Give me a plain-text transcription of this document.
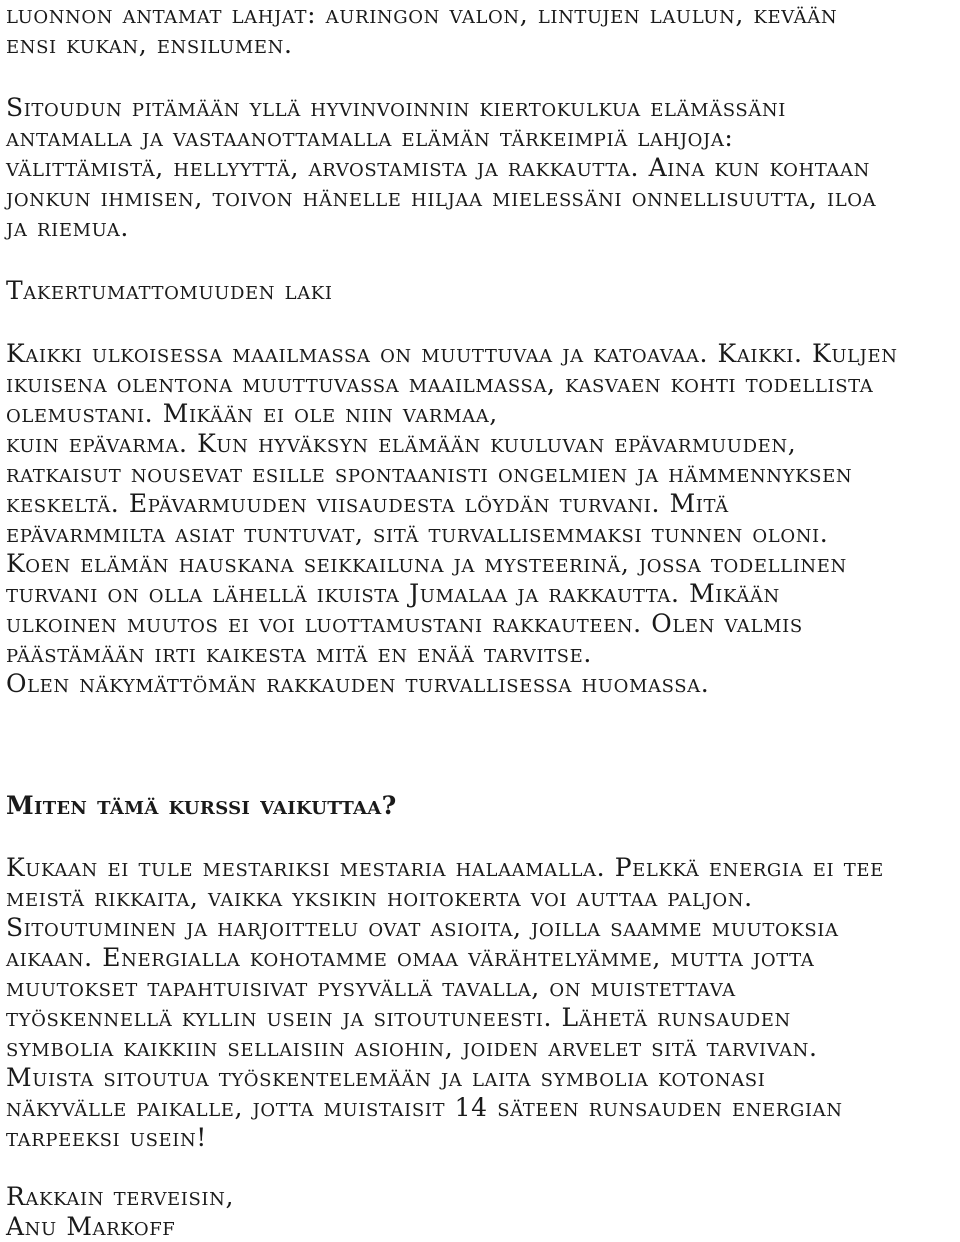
luonnon antamat lahjat: auringon valon, lintujen laulun, kevään
ensi kukan, ensilumen.
Sitoudun pitämään yllä hyvinvoinnin kiertokulkua elämässäni
antamalla ja vastaanottamalla elämän tärkeimpiä lahjoja:
välittämistä, hellyyttä, arvostamista ja rakkautta. Aina kun kohtaan
jonkun ihmisen, toivon hänelle hiljaa mielessäni onnellisuutta, iloa
ja riemua.
Takertumattomuuden laki
Kaikki ulkoisessa maailmassa on muuttuvaa ja katoavaa. Kaikki. Kuljen
ikuisena olentona muuttuvassa maailmassa, kasvaen kohti todellista
olemustani. Mikään ei ole niin varmaa,
kuin epävarma. Kun hyväksyn elämään kuuluvan epävarmuuden,
ratkaisut nousevat esille spontaanisti ongelmien ja hämmennyksen
keskeltä. Epävarmuuden viisaudesta löydän turvani. Mitä
epävarmmilta asiat tuntuvat, sitä turvallisemmaksi tunnen oloni.
Koen elämän hauskana seikkailuna ja mysteerinä, jossa todellinen
turvani on olla lähellä ikuista Jumalaa ja rakkautta. Mikään
ulkoinen muutos ei voi luottamustani rakkauteen. Olen valmis
päästämään irti kaikesta mitä en enää tarvitse.
Olen näkymättömän rakkauden turvallisessa huomassa.
Miten tämä kurssi vaikuttaa?
Kukaan ei tule mestariksi mestaria halaamalla. Pelkkä energia ei tee
meistä rikkaita, vaikka yksikin hoitokerta voi auttaa paljon.
Sitoutuminen ja harjoittelu ovat asioita, joilla saamme muutoksia
aikaan. Energialla kohotamme omaa värähtelyämme, mutta jotta
muutokset tapahtuisivat pysyvällä tavalla, on muistettava
työskennellä kyllin usein ja sitoutuneesti. Lähetä runsauden
symbolia kaikkiin sellaisiin asiohin, joiden arvelet sitä tarvivan.
Muista sitoutua työskentelemään ja laita symbolia kotonasi
näkyvälle paikalle, jotta muistaisit 14 säteen runsauden energian
tarpeeksi usein!
Rakkain terveisin,
Anu Markoff
